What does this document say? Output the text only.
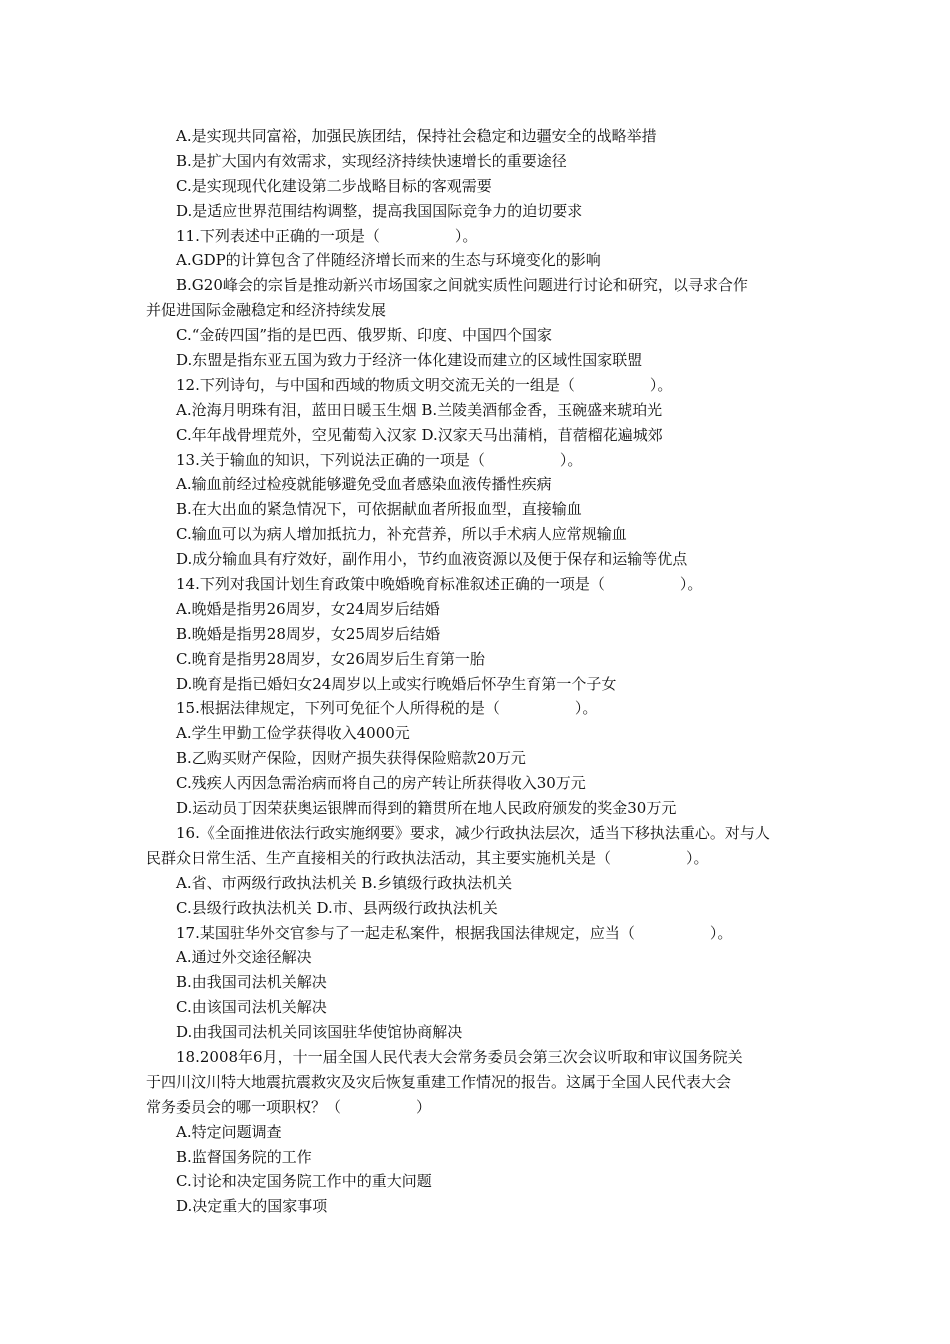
A.是实现共同富裕，加强民族团结，保持社会稳定和边疆安全的战略举措
B.是扩大国内有效需求，实现经济持续快速增长的重要途径
C.是实现现代化建设第二步战略目标的客观需要
D.是适应世界范围结构调整，提高我国国际竞争力的迫切要求
11.下列表述中正确的一项是（　　　　　）。
A.GDP的计算包含了伴随经济增长而来的生态与环境变化的影响
B.G20峰会的宗旨是推动新兴市场国家之间就实质性问题进行讨论和研究，以寻求合作
并促进国际金融稳定和经济持续发展
C.“金砖四国”指的是巴西、俄罗斯、印度、中国四个国家
D.东盟是指东亚五国为致力于经济一体化建设而建立的区域性国家联盟
12.下列诗句，与中国和西域的物质文明交流无关的一组是（　　　　　）。
A.沧海月明珠有泪，蓝田日暖玉生烟 B.兰陵美酒郁金香，玉碗盛来琥珀光
C.年年战骨埋荒外，空见葡萄入汉家 D.汉家天马出蒲梢，苜蓿榴花遍城郊
13.关于输血的知识，下列说法正确的一项是（　　　　　）。
A.输血前经过检疫就能够避免受血者感染血液传播性疾病
B.在大出血的紧急情况下，可依据献血者所报血型，直接输血
C.输血可以为病人增加抵抗力，补充营养，所以手术病人应常规输血
D.成分输血具有疗效好，副作用小，节约血液资源以及便于保存和运输等优点
14.下列对我国计划生育政策中晚婚晚育标准叙述正确的一项是（　　　　　）。
A.晚婚是指男26周岁，女24周岁后结婚
B.晚婚是指男28周岁，女25周岁后结婚
C.晚育是指男28周岁，女26周岁后生育第一胎
D.晚育是指已婚妇女24周岁以上或实行晚婚后怀孕生育第一个子女
15.根据法律规定，下列可免征个人所得税的是（　　　　　）。
A.学生甲勤工俭学获得收入4000元
B.乙购买财产保险，因财产损失获得保险赔款20万元
C.残疾人丙因急需治病而将自己的房产转让所获得收入30万元
D.运动员丁因荣获奥运银牌而得到的籍贯所在地人民政府颁发的奖金30万元
16.《全面推进依法行政实施纲要》要求，减少行政执法层次，适当下移执法重心。对与人
民群众日常生活、生产直接相关的行政执法活动，其主要实施机关是（　　　　　）。
A.省、市两级行政执法机关 B.乡镇级行政执法机关
C.县级行政执法机关 D.市、县两级行政执法机关
17.某国驻华外交官参与了一起走私案件，根据我国法律规定，应当（　　　　　）。
A.通过外交途径解决
B.由我国司法机关解决
C.由该国司法机关解决
D.由我国司法机关同该国驻华使馆协商解决
18.2008年6月，十一届全国人民代表大会常务委员会第三次会议听取和审议国务院关
于四川汶川特大地震抗震救灾及灾后恢复重建工作情况的报告。这属于全国人民代表大会
常务委员会的哪一项职权？（　　　　　）
A.特定问题调查
B.监督国务院的工作
C.讨论和决定国务院工作中的重大问题
D.决定重大的国家事项
